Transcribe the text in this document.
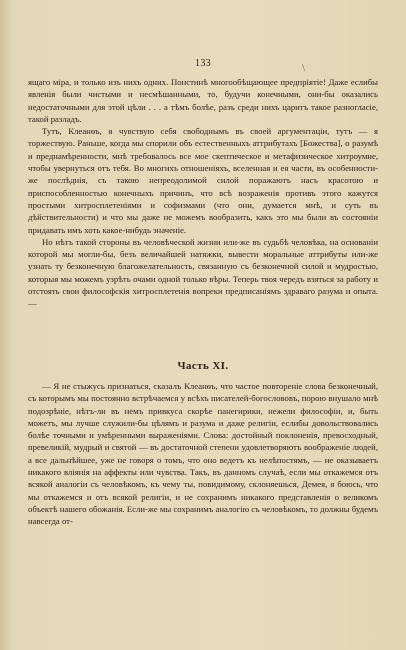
133	\

ящаго міра, и только изъ нихъ одних. Понстинѣ многообѣщающее предпріятіе! Даже еслибы явленія были чистыми и несмѣшанными, то, будучи конечными, они-бы оказались недостаточными для этой цѣли . . . а тѣмъ болѣе, разъ среди нихъ царитъ такое разногласіе, такой разладъ.

Тутъ, Клеанѳъ, я чувствую себя свободнымъ въ своей аргументаціи, тутъ — я торжествую. Раньше, когда мы спорили объ естественныхъ аттрибутахъ [Божества], о разумѣ и преднамѣренности, мнѣ требовалось все мое скептическое и метафизическое хитроумие, чтобы увернуться отъ тебя. Во многихъ отношеніяхъ, вселенная и ея части, въ особенности-же послѣднія, съ такою непреодолимой силой поражаютъ насъ красотою и приспособленностью конечныхъ причинъ, что всѣ возраженія противъ этого кажутся простыми хитросплетеніями и софизмами (что они, думается мнѣ, и суть въ дѣйствительности) и что мы даже не можемъ вообразить, какъ это мы были въ состояніи придавать имъ хоть какое-нибудь значеніе.

Но нѣтъ такой стороны въ человѣческой жизни или-же въ судьбѣ человѣка, на основаніи которой мы могли-бы, безъ величайшей натяжки, вывести моральные аттрибуты или-же узнать ту безконечную благожелательность, связанную съ безконечной силой и мудростью, которыя мы можемъ узрѣть очами одной только вѣры. Теперь твоя чередъ взяться за работу и отстоять свои философскія хитросплетенія вопреки предписаніямъ здраваго разума и опыта. —

Часть XI.

— Я не стыжусь признаться, сказалъ Клеанѳъ, что частое повтореніе слова безконечный, съ которымъ мы постоянно встрѣчаемся у всѣхъ писателей-богослововъ, порою внушало мнѣ подозрѣніе, нѣтъ-ли въ немъ привкуса скорѣе панегирики, нежели философіи, и, быть можетъ, мы лучше служили-бы цѣлямъ и разума и даже религіи, еслибы довольствовались болѣе точными и умѣренными выраженіями. Слова: достойный поклоненія, превосходный, превеликій, мудрый и святой — въ достаточной степени удовлетворяютъ воображеніе людей, а все дальнѣйшее, уже не говоря о томъ, что оно ведетъ къ нелѣпостямъ, — не оказываетъ никакого вліянія на аффекты или чувства. Такъ, въ данномъ случаѣ, если мы откажемся отъ всякой аналогіи съ человѣкомъ, къ чему ты, повидимому, склоняешься, Демея, я боюсь, что мы откажемся и отъ всякой религіи, и не сохранимъ никакого представленія о великомъ объектѣ нашего обожанія. Если-же мы сохранимъ аналогію съ человѣкомъ, то должны будемъ навсегда от-
